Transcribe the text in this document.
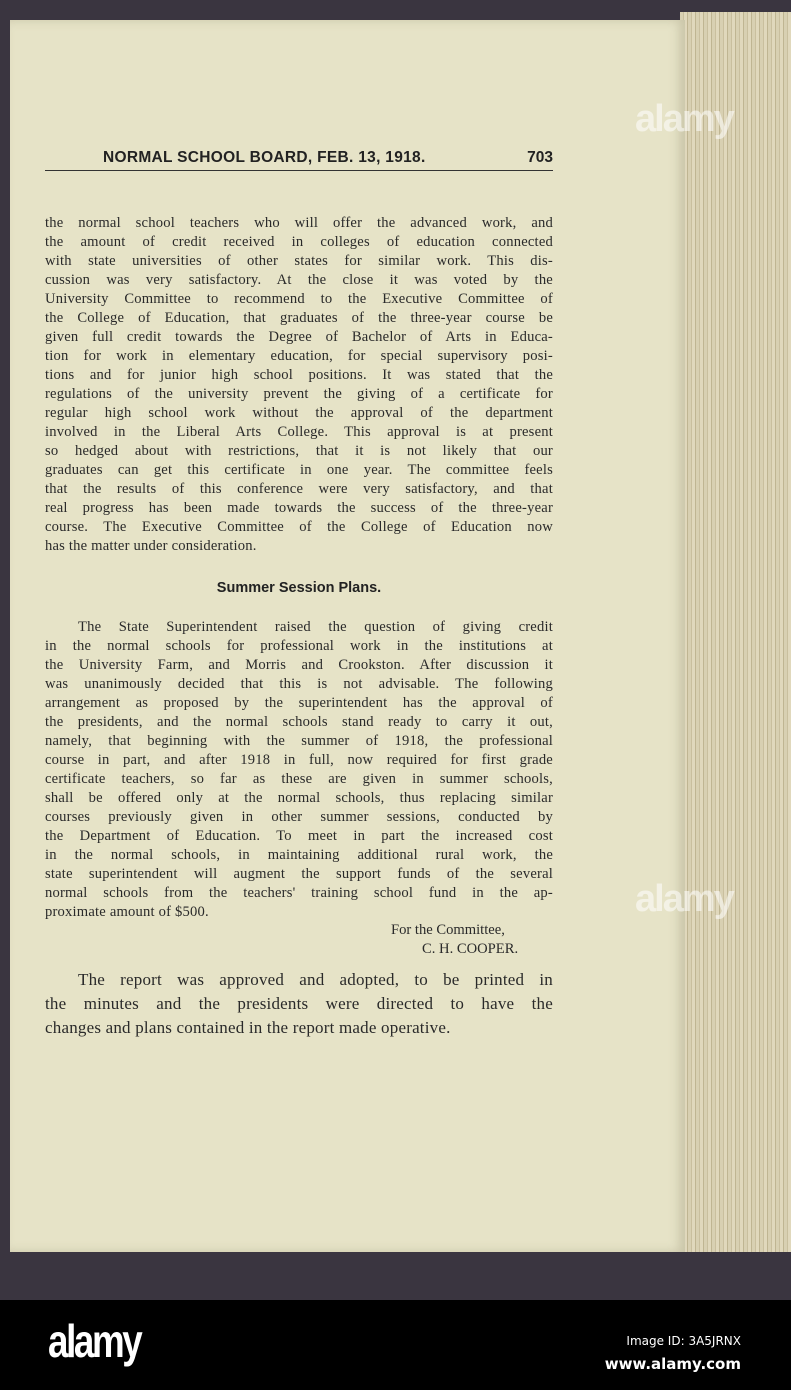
NORMAL SCHOOL BOARD, FEB. 13, 1918.	703
the normal school teachers who will offer the advanced work, and
the amount of credit received in colleges of education connected
with state universities of other states for similar work. This dis-
cussion was very satisfactory. At the close it was voted by the
University Committee to recommend to the Executive Committee of
the College of Education, that graduates of the three-year course be
given full credit towards the Degree of Bachelor of Arts in Educa-
tion for work in elementary education, for special supervisory posi-
tions and for junior high school positions. It was stated that the
regulations of the university prevent the giving of a certificate for
regular high school work without the approval of the department
involved in the Liberal Arts College. This approval is at present
so hedged about with restrictions, that it is not likely that our
graduates can get this certificate in one year. The committee feels
that the results of this conference were very satisfactory, and that
real progress has been made towards the success of the three-year
course. The Executive Committee of the College of Education now
has the matter under consideration.
Summer Session Plans.
The State Superintendent raised the question of giving credit
in the normal schools for professional work in the institutions at
the University Farm, and Morris and Crookston. After discussion it
was unanimously decided that this is not advisable. The following
arrangement as proposed by the superintendent has the approval of
the presidents, and the normal schools stand ready to carry it out,
namely, that beginning with the summer of 1918, the professional
course in part, and after 1918 in full, now required for first grade
certificate teachers, so far as these are given in summer schools,
shall be offered only at the normal schools, thus replacing similar
courses previously given in other summer sessions, conducted by
the Department of Education. To meet in part the increased cost
in the normal schools, in maintaining additional rural work, the
state superintendent will augment the support funds of the several
normal schools from the teachers' training school fund in the ap-
proximate amount of $500.
For the Committee,
C. H. COOPER.
The report was approved and adopted, to be printed in
the minutes and the presidents were directed to have the
changes and plans contained in the report made operative.
alamy
alamy
alamy	Image ID: 3A5JRNX
www.alamy.com
